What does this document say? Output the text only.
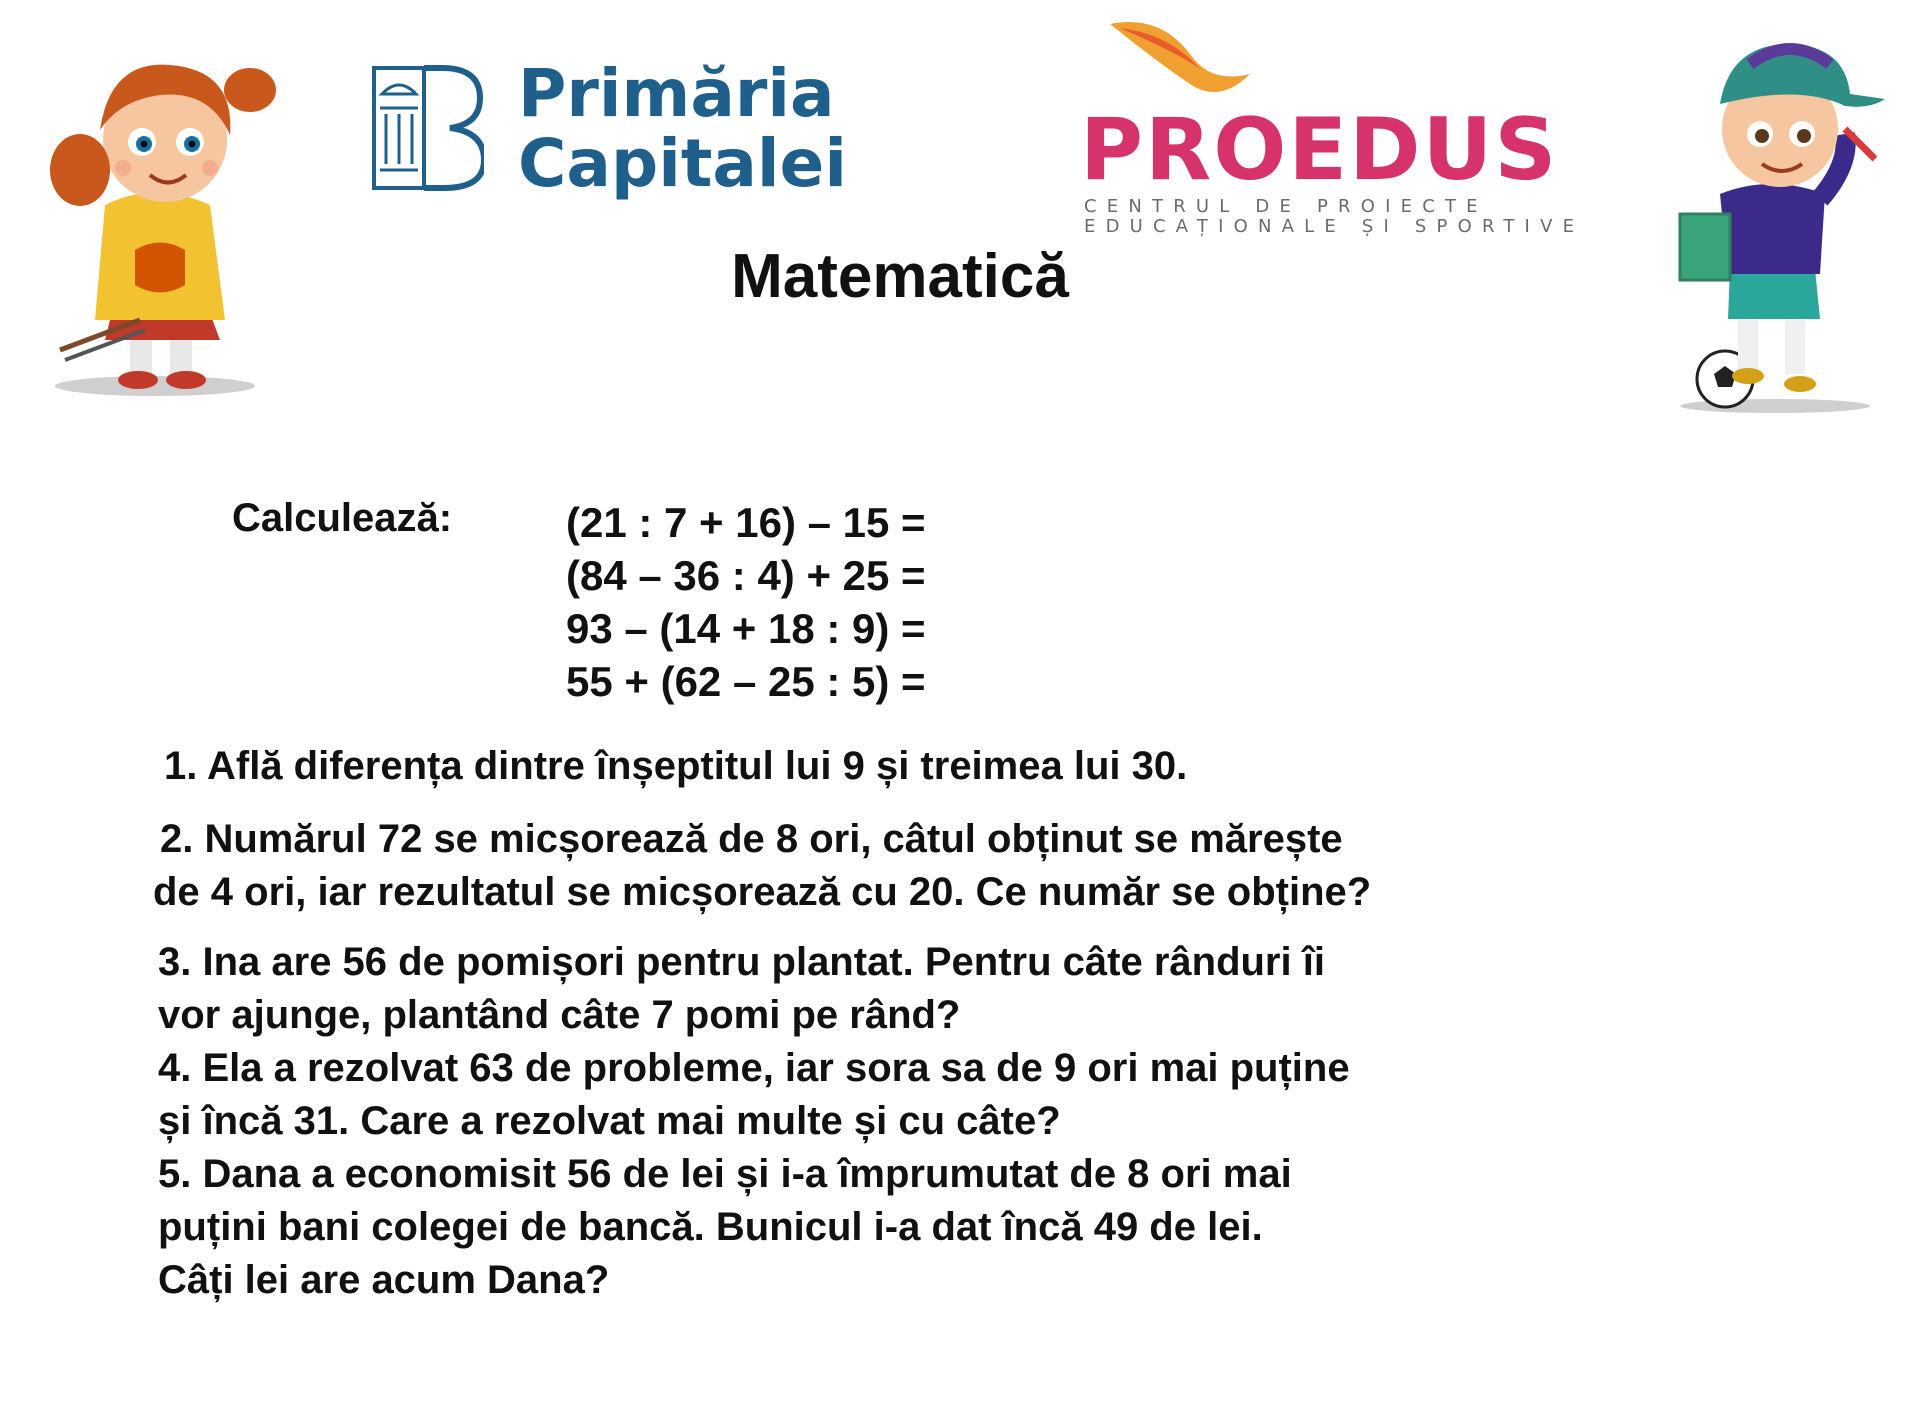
Primăria
Capitalei	PROEDUS
CENTRUL DE PROIECTE
EDUCAȚIONALE ȘI SPORTIVE
Matematică
Calculează:	(21 : 7 + 16) – 15 =
(84 – 36 : 4) + 25 =
93 – (14 + 18 : 9) =
55 + (62 – 25 : 5) =
1. Află diferența dintre înșeptitul lui 9 și treimea lui 30.
2. Numărul 72 se micșorează de 8 ori, câtul obținut se mărește
de 4 ori, iar rezultatul se micșorează cu 20. Ce număr se obține?
3. Ina are 56 de pomișori pentru plantat. Pentru câte rânduri îi
vor ajunge, plantând câte 7 pomi pe rând?
4. Ela a rezolvat 63 de probleme, iar sora sa de 9 ori mai puține
și încă 31. Care a rezolvat mai multe și cu câte?
5. Dana a economisit 56 de lei și i-a împrumutat de 8 ori mai
puțini bani colegei de bancă. Bunicul i-a dat încă 49 de lei.
Câți lei are acum Dana?
